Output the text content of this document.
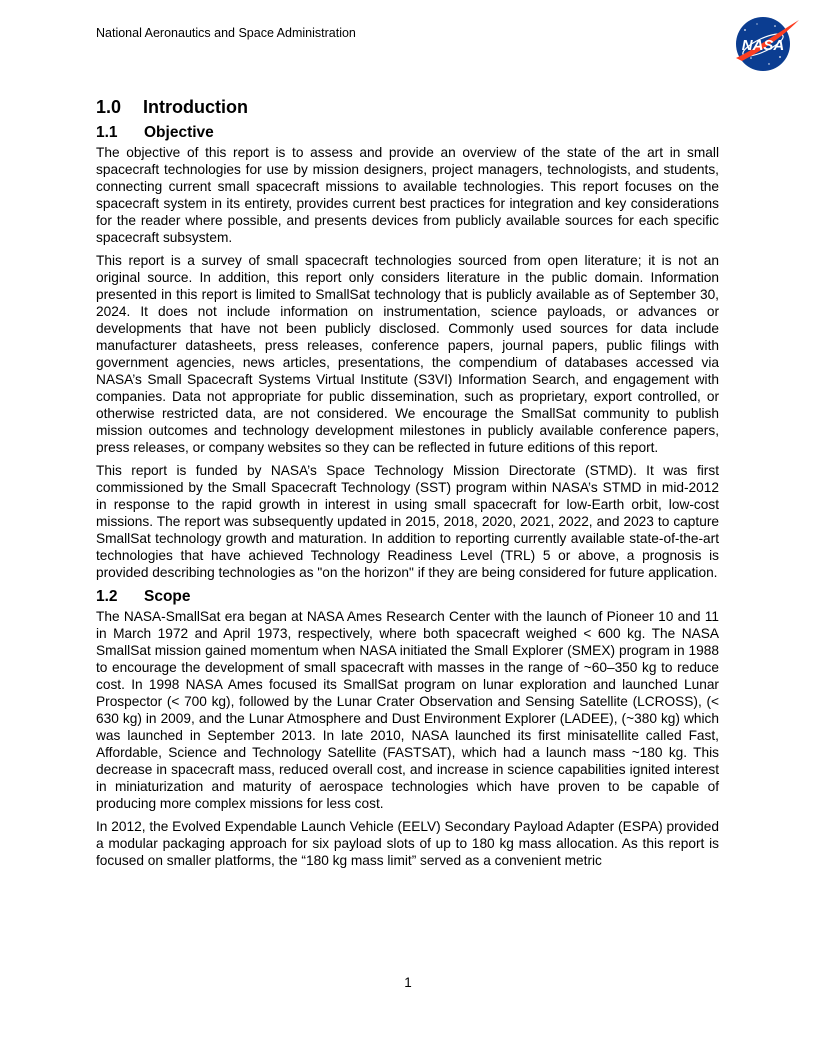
National Aeronautics and Space Administration
NASA
1.0	Introduction
1.1	Objective

The objective of this report is to assess and provide an overview of the state of the art in small spacecraft technologies for use by mission designers, project managers, technologists, and students, connecting current small spacecraft missions to available technologies. This report focuses on the spacecraft system in its entirety, provides current best practices for integration and key considerations for the reader where possible, and presents devices from publicly available sources for each specific spacecraft subsystem.

This report is a survey of small spacecraft technologies sourced from open literature; it is not an original source. In addition, this report only considers literature in the public domain. Information presented in this report is limited to SmallSat technology that is publicly available as of September 30, 2024. It does not include information on instrumentation, science payloads, or advances or developments that have not been publicly disclosed. Commonly used sources for data include manufacturer datasheets, press releases, conference papers, journal papers, public filings with government agencies, news articles, presentations, the compendium of databases accessed via NASA’s Small Spacecraft Systems Virtual Institute (S3VI) Information Search, and engagement with companies. Data not appropriate for public dissemination, such as proprietary, export controlled, or otherwise restricted data, are not considered. We encourage the SmallSat community to publish mission outcomes and technology development milestones in publicly available conference papers, press releases, or company websites so they can be reflected in future editions of this report.

This report is funded by NASA’s Space Technology Mission Directorate (STMD). It was first commissioned by the Small Spacecraft Technology (SST) program within NASA’s STMD in mid-2012 in response to the rapid growth in interest in using small spacecraft for low-Earth orbit, low-cost missions. The report was subsequently updated in 2015, 2018, 2020, 2021, 2022, and 2023 to capture SmallSat technology growth and maturation. In addition to reporting currently available state-of-the-art technologies that have achieved Technology Readiness Level (TRL) 5 or above, a prognosis is provided describing technologies as "on the horizon" if they are being considered for future application.

1.2	Scope

The NASA-SmallSat era began at NASA Ames Research Center with the launch of Pioneer 10 and 11 in March 1972 and April 1973, respectively, where both spacecraft weighed < 600 kg. The NASA SmallSat mission gained momentum when NASA initiated the Small Explorer (SMEX) program in 1988 to encourage the development of small spacecraft with masses in the range of ~60–350 kg to reduce cost. In 1998 NASA Ames focused its SmallSat program on lunar exploration and launched Lunar Prospector (< 700 kg), followed by the Lunar Crater Observation and Sensing Satellite (LCROSS), (< 630 kg) in 2009, and the Lunar Atmosphere and Dust Environment Explorer (LADEE), (~380 kg) which was launched in September 2013. In late 2010, NASA launched its first minisatellite called Fast, Affordable, Science and Technology Satellite (FASTSAT), which had a launch mass ~180 kg. This decrease in spacecraft mass, reduced overall cost, and increase in science capabilities ignited interest in miniaturization and maturity of aerospace technologies which have proven to be capable of producing more complex missions for less cost.

In 2012, the Evolved Expendable Launch Vehicle (EELV) Secondary Payload Adapter (ESPA) provided a modular packaging approach for six payload slots of up to 180 kg mass allocation. As this report is focused on smaller platforms, the “180 kg mass limit” served as a convenient metric

1
